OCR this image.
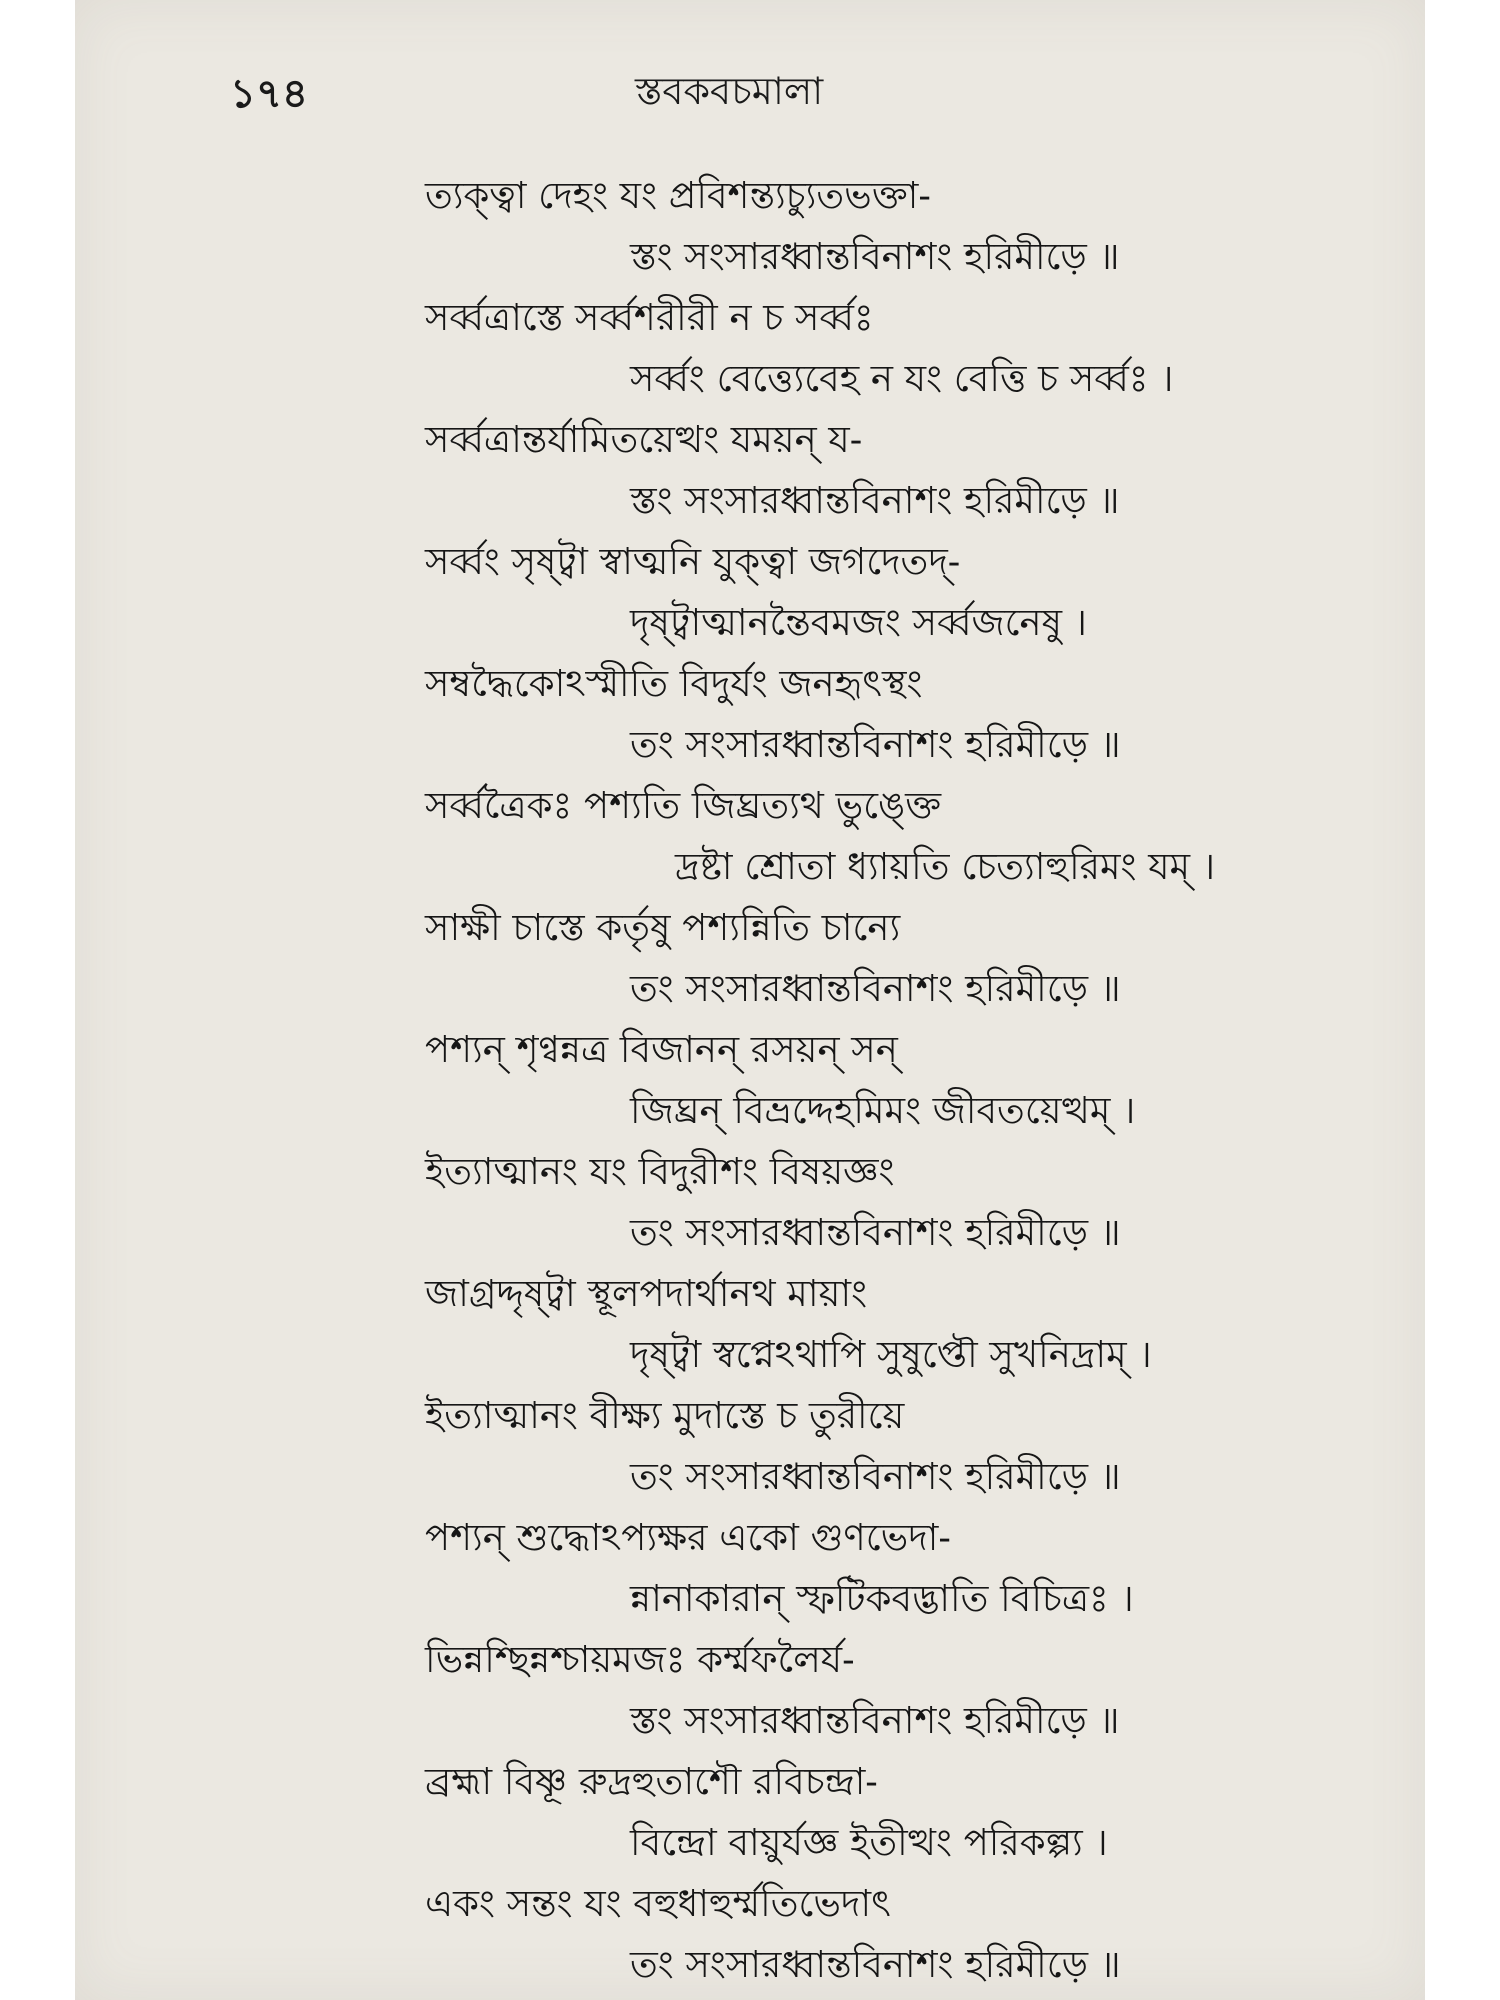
১৭৪	স্তবকবচমালা
ত্যক্ত্বা দেহং যং প্রবিশন্ত্যচ্যুতভক্তা-
স্তং সংসারধ্বান্তবিনাশং হরিমীড়ে ॥
সর্ব্বত্রাস্তে সর্ব্বশরীরী ন চ সর্ব্বঃ
সর্ব্বং বেত্ত্যেবেহ ন যং বেত্তি চ সর্ব্বঃ ।
সর্ব্বত্রান্তর্যামিতয়েত্থং যময়ন্ য-
স্তং সংসারধ্বান্তবিনাশং হরিমীড়ে ॥
সর্ব্বং সৃষ্ট্বা স্বাত্মনি যুক্ত্বা জগদেতদ্-
দৃষ্ট্বাত্মানন্তৈবমজং সর্ব্বজনেষু ।
সম্বদ্ধৈকোঽস্মীতি বিদুর্যং জনহৃৎস্থং
তং সংসারধ্বান্তবিনাশং হরিমীড়ে ॥
সর্ব্বত্রৈকঃ পশ্যতি জিঘ্রত্যথ ভুঙ্ক্তে
দ্রষ্টা শ্রোতা ধ্যায়তি চেত্যাহুরিমং যম্ ।
সাক্ষী চাস্তে কর্তৃষু পশ্যন্নিতি চান্যে
তং সংসারধ্বান্তবিনাশং হরিমীড়ে ॥
পশ্যন্ শৃণ্বন্নত্র বিজানন্ রসয়ন্ সন্
জিঘ্রন্ বিভ্রদ্দেহমিমং জীবতয়েত্থম্ ।
ইত্যাত্মানং যং বিদুরীশং বিষয়জ্ঞং
তং সংসারধ্বান্তবিনাশং হরিমীড়ে ॥
জাগ্রদ্দৃষ্ট্বা স্থূলপদার্থানথ মায়াং
দৃষ্ট্বা স্বপ্নেঽথাপি সুষুপ্তৌ সুখনিদ্রাম্ ।
ইত্যাত্মানং বীক্ষ্য মুদাস্তে চ তুরীয়ে
তং সংসারধ্বান্তবিনাশং হরিমীড়ে ॥
পশ্যন্ শুদ্ধোঽপ্যক্ষর একো গুণভেদা-
ন্নানাকারান্ স্ফটিকবদ্ভাতি বিচিত্রঃ ।
ভিন্নশ্ছিন্নশ্চায়মজঃ কর্ম্মফলৈর্য-
স্তং সংসারধ্বান্তবিনাশং হরিমীড়ে ॥
ব্রহ্মা বিষ্ণূ রুদ্রহুতাশৌ রবিচন্দ্রা-
বিন্দ্রো বায়ুর্যজ্ঞ ইতীত্থং পরিকল্প্য ।
একং সন্তং যং বহুধাহুর্ম্মতিভেদাৎ
তং সংসারধ্বান্তবিনাশং হরিমীড়ে ॥
